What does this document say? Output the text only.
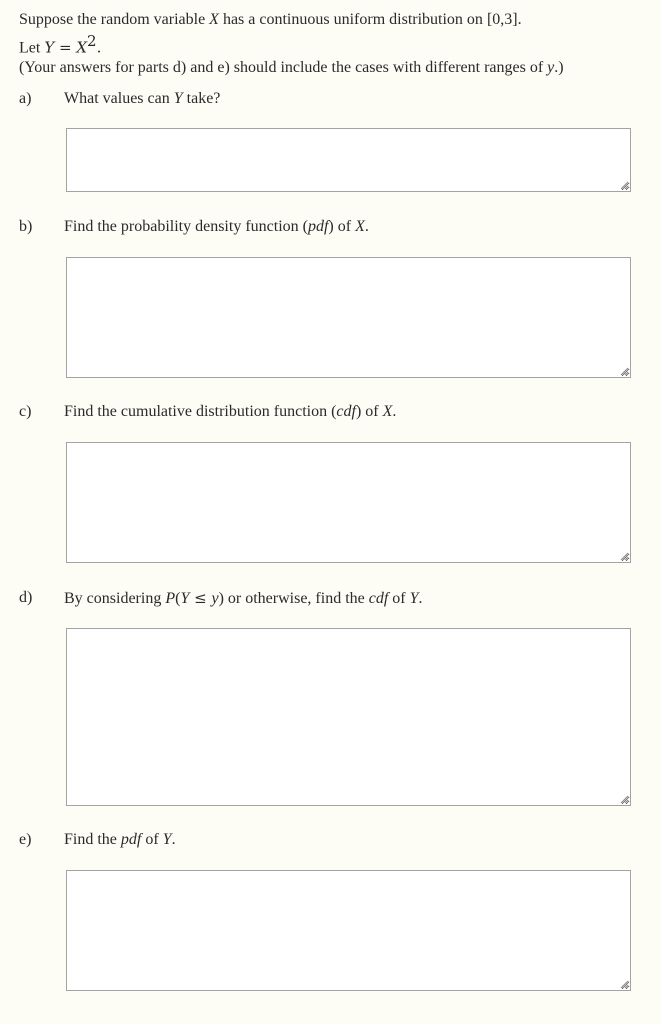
Suppose the random variable X has a continuous uniform distribution on [0,3].

Let $Y = X^2$.

(Your answers for parts d) and e) should include the cases with different ranges of y.)

a)	What values can Y take?
b)	Find the probability density function (pdf) of X.
c)	Find the cumulative distribution function (cdf) of X.
d)	By considering P(Y ≤ y) or otherwise, find the cdf of Y.
e)	Find the pdf of Y.
